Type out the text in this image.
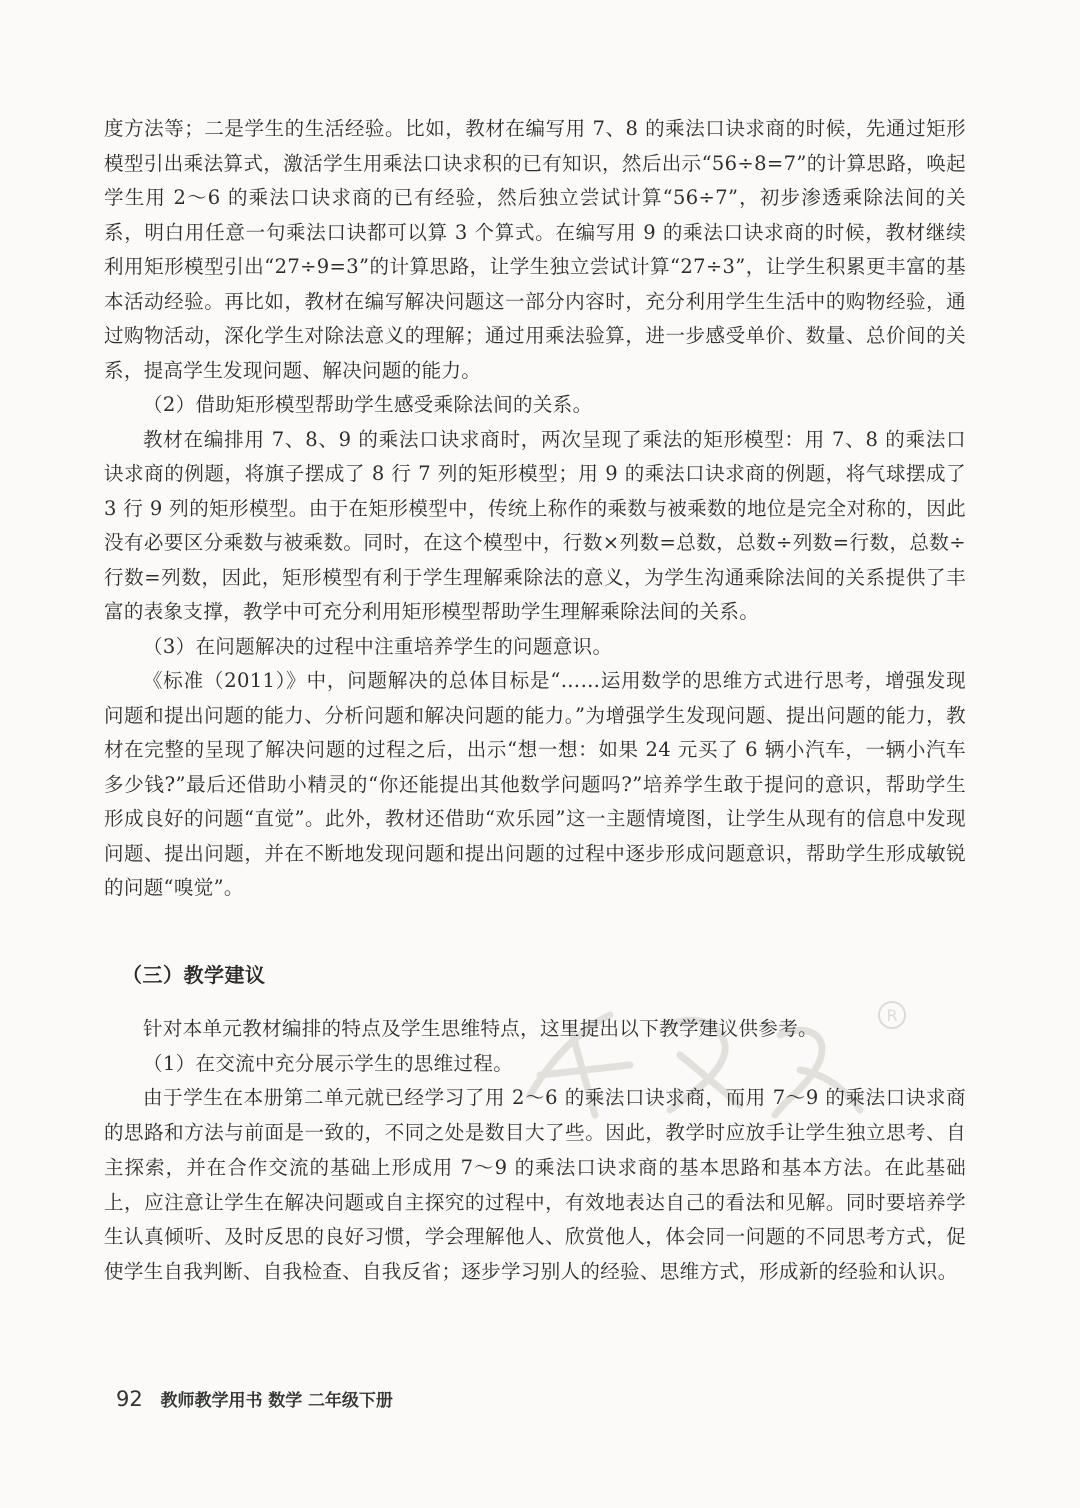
度方法等；二是学生的生活经验。比如，教材在编写用 7、8 的乘法口诀求商的时候，先通过矩形模型引出乘法算式，激活学生用乘法口诀求积的已有知识，然后出示“56÷8=7”的计算思路，唤起学生用 2～6 的乘法口诀求商的已有经验，然后独立尝试计算“56÷7”，初步渗透乘除法间的关系，明白用任意一句乘法口诀都可以算 3 个算式。在编写用 9 的乘法口诀求商的时候，教材继续利用矩形模型引出“27÷9=3”的计算思路，让学生独立尝试计算“27÷3”，让学生积累更丰富的基本活动经验。再比如，教材在编写解决问题这一部分内容时，充分利用学生生活中的购物经验，通过购物活动，深化学生对除法意义的理解；通过用乘法验算，进一步感受单价、数量、总价间的关系，提高学生发现问题、解决问题的能力。

（2）借助矩形模型帮助学生感受乘除法间的关系。

教材在编排用 7、8、9 的乘法口诀求商时，两次呈现了乘法的矩形模型：用 7、8 的乘法口诀求商的例题，将旗子摆成了 8 行 7 列的矩形模型；用 9 的乘法口诀求商的例题，将气球摆成了 3 行 9 列的矩形模型。由于在矩形模型中，传统上称作的乘数与被乘数的地位是完全对称的，因此没有必要区分乘数与被乘数。同时，在这个模型中，行数×列数=总数，总数÷列数=行数，总数÷行数=列数，因此，矩形模型有利于学生理解乘除法的意义，为学生沟通乘除法间的关系提供了丰富的表象支撑，教学中可充分利用矩形模型帮助学生理解乘除法间的关系。

（3）在问题解决的过程中注重培养学生的问题意识。

《标准（2011）》中，问题解决的总体目标是“……运用数学的思维方式进行思考，增强发现问题和提出问题的能力、分析问题和解决问题的能力。”为增强学生发现问题、提出问题的能力，教材在完整的呈现了解决问题的过程之后，出示“想一想：如果 24 元买了 6 辆小汽车，一辆小汽车多少钱?”最后还借助小精灵的“你还能提出其他数学问题吗?”培养学生敢于提问的意识，帮助学生形成良好的问题“直觉”。此外，教材还借助“欢乐园”这一主题情境图，让学生从现有的信息中发现问题、提出问题，并在不断地发现问题和提出问题的过程中逐步形成问题意识，帮助学生形成敏锐的问题“嗅觉”。

（三）教学建议
R

针对本单元教材编排的特点及学生思维特点，这里提出以下教学建议供参考。

（1）在交流中充分展示学生的思维过程。

由于学生在本册第二单元就已经学习了用 2～6 的乘法口诀求商，而用 7～9 的乘法口诀求商的思路和方法与前面是一致的，不同之处是数目大了些。因此，教学时应放手让学生独立思考、自主探索，并在合作交流的基础上形成用 7～9 的乘法口诀求商的基本思路和基本方法。在此基础上，应注意让学生在解决问题或自主探究的过程中，有效地表达自己的看法和见解。同时要培养学生认真倾听、及时反思的良好习惯，学会理解他人、欣赏他人，体会同一问题的不同思考方式，促使学生自我判断、自我检查、自我反省；逐步学习别人的经验、思维方式，形成新的经验和认识。

92 教师教学用书 数学 二年级下册
